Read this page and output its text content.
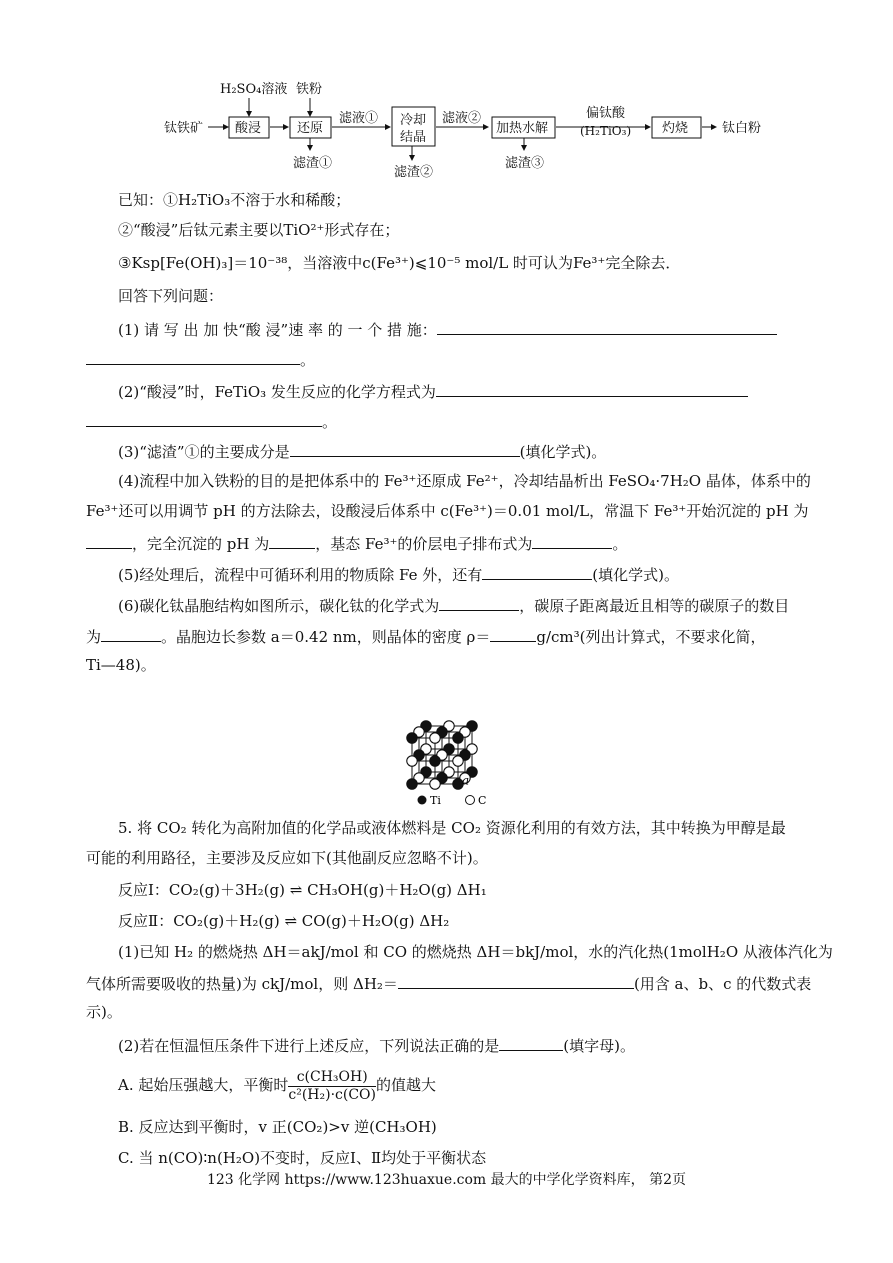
H₂SO₄溶液 铁粉
钛铁矿 酸浸	还原
滤液① 冷却
结晶
滤液②
加热水解
偏钛酸
(H₂TiO₃) 灼烧	钛白粉
滤渣①
滤渣②
滤渣③
已知：①H₂TiO₃不溶于水和稀酸；
②“酸浸”后钛元素主要以TiO²⁺形式存在；
③Ksp[Fe(OH)₃]＝10⁻³⁸，当溶液中c(Fe³⁺)⩽10⁻⁵ mol/L 时可认为Fe³⁺完全除去．
回答下列问题：
(1) 请 写 出 加 快“酸 浸”速 率 的 一 个 措 施：
。
(2)“酸浸”时，FeTiO₃ 发生反应的化学方程式为
。
(3)“滤渣”①的主要成分是	(填化学式)。
(4)流程中加入铁粉的目的是把体系中的 Fe³⁺还原成 Fe²⁺，冷却结晶析出 FeSO₄·7H₂O 晶体，体系中的
Fe³⁺还可以用调节 pH 的方法除去，设酸浸后体系中 c(Fe³⁺)＝0.01 mol/L，常温下 Fe³⁺开始沉淀的 pH 为
，完全沉淀的 pH 为	，基态 Fe³⁺的价层电子排布式为	。
(5)经处理后，流程中可循环利用的物质除 Fe 外，还有	(填化学式)。
(6)碳化钛晶胞结构如图所示，碳化钛的化学式为	，碳原子距离最近且相等的碳原子的数目
为	。晶胞边长参数 a＝0.42 nm，则晶体的密度 ρ＝	g/cm³(列出计算式，不要求化简，
Ti—48)。
a
Ti	C
5. 将 CO₂ 转化为高附加值的化学品或液体燃料是 CO₂ 资源化利用的有效方法，其中转换为甲醇是最
可能的利用路径，主要涉及反应如下(其他副反应忽略不计)。
反应Ⅰ：CO₂(g)＋3H₂(g) ⇌ CH₃OH(g)＋H₂O(g) ΔH₁
反应Ⅱ：CO₂(g)＋H₂(g) ⇌ CO(g)＋H₂O(g) ΔH₂
(1)已知 H₂ 的燃烧热 ΔH＝akJ/mol 和 CO 的燃烧热 ΔH＝bkJ/mol，水的汽化热(1molH₂O 从液体汽化为
气体所需要吸收的热量)为 ckJ/mol，则 ΔH₂＝	(用含 a、b、c 的代数式表
示)。
(2)若在恒温恒压条件下进行上述反应，下列说法正确的是	(填字母)。
A. 起始压强越大，平衡时 $\frac{\text{c(CH₃OH)}}{\text{c²(H₂)·c(CO)}}$ 的值越大
B. 反应达到平衡时，v 正(CO₂)>v 逆(CH₃OH)
C. 当 n(CO)∶n(H₂O)不变时，反应Ⅰ、Ⅱ均处于平衡状态
123 化学网 https://www.123huaxue.com 最大的中学化学资料库， 第2页
